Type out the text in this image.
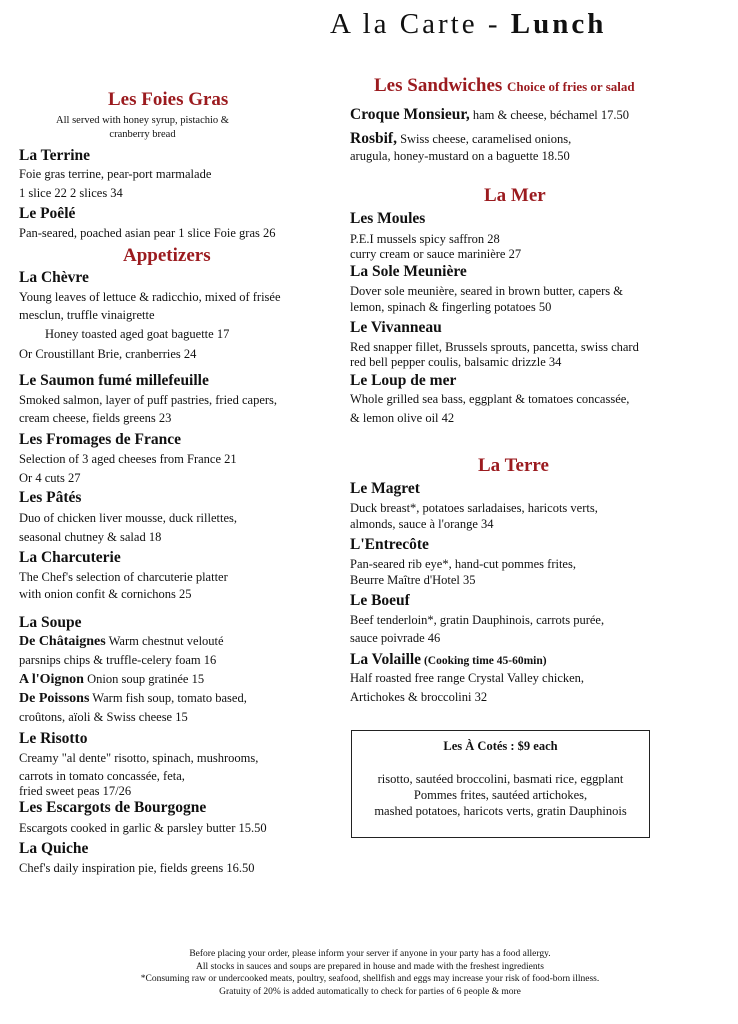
A la Carte - Lunch
Les Foies Gras
All served with honey syrup, pistachio &
cranberry bread
La Terrine
Foie gras terrine, pear-port marmalade
1 slice 22 2 slices 34
Le Poêlé
Pan-seared, poached asian pear 1 slice Foie gras 26
Appetizers
La Chèvre
Young leaves of lettuce & radicchio, mixed of frisée
mesclun, truffle vinaigrette
Honey toasted aged goat baguette 17
Or Croustillant Brie, cranberries 24
Le Saumon fumé millefeuille
Smoked salmon, layer of puff pastries, fried capers,
cream cheese, fields greens 23
Les Fromages de France
Selection of 3 aged cheeses from France 21
Or 4 cuts 27
Les Pâtés
Duo of chicken liver mousse, duck rillettes,
seasonal chutney & salad 18
La Charcuterie
The Chef's selection of charcuterie platter
with onion confit & cornichons 25
La Soupe
De Châtaignes Warm chestnut velouté
parsnips chips & truffle-celery foam 16
A l'Oignon Onion soup gratinée 15
De Poissons Warm fish soup, tomato based,
croûtons, aïoli & Swiss cheese 15
Le Risotto
Creamy "al dente" risotto, spinach, mushrooms,
carrots in tomato concassée, feta,
fried sweet peas 17/26
Les Escargots de Bourgogne
Escargots cooked in garlic & parsley butter 15.50
La Quiche
Chef's daily inspiration pie, fields greens 16.50
Les Sandwiches Choice of fries or salad
Croque Monsieur, ham & cheese, béchamel 17.50
Rosbif, Swiss cheese, caramelised onions,
arugula, honey-mustard on a baguette 18.50
La Mer
Les Moules
P.E.I mussels spicy saffron 28
curry cream or sauce marinière 27
La Sole Meunière
Dover sole meunière, seared in brown butter, capers &
lemon, spinach & fingerling potatoes 50
Le Vivanneau
Red snapper fillet, Brussels sprouts, pancetta, swiss chard
red bell pepper coulis, balsamic drizzle 34
Le Loup de mer
Whole grilled sea bass, eggplant & tomatoes concassée,
& lemon olive oil 42
La Terre
Le Magret
Duck breast*, potatoes sarladaises, haricots verts,
almonds, sauce à l'orange 34
L'Entrecôte
Pan-seared rib eye*, hand-cut pommes frites,
Beurre Maître d'Hotel 35
Le Boeuf
Beef tenderloin*, gratin Dauphinois, carrots purée,
sauce poivrade 46
La Volaille (Cooking time 45-60min)
Half roasted free range Crystal Valley chicken,
Artichokes & broccolini 32
Les À Cotés : $9 each
risotto, sautéed broccolini, basmati rice, eggplant
Pommes frites, sautéed artichokes,
mashed potatoes, haricots verts, gratin Dauphinois
Before placing your order, please inform your server if anyone in your party has a food allergy.
All stocks in sauces and soups are prepared in house and made with the freshest ingredients
*Consuming raw or undercooked meats, poultry, seafood, shellfish and eggs may increase your risk of food-born illness.
Gratuity of 20% is added automatically to check for parties of 6 people & more
